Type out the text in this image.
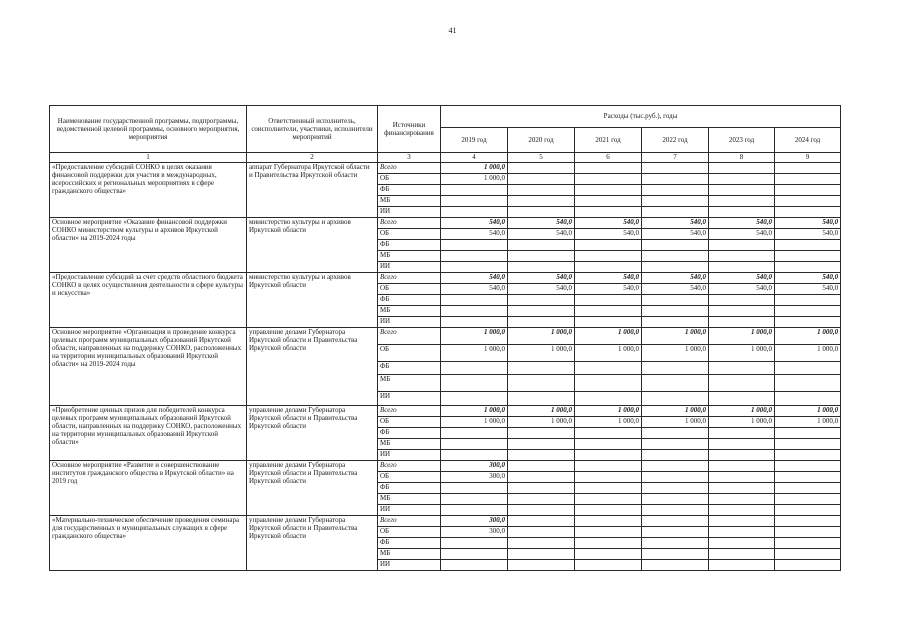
41
Наименование государственной программы, подпрограммы, ведомственной целевой программы, основного мероприятия, мероприятия	Ответственный исполнитель, соисполнители, участники, исполнители мероприятий	Источники финансирования	Расходы (тыс.руб.), годы					
			2019 год	2020 год	2021 год	2022 год	2023 год	2024 год
1	2	3	4	5	6	7	8	9
«Предоставление субсидий СОНКО в целях оказания финансовой поддержки для участия в международных, всероссийских и региональных мероприятиях в сфере гражданского общества»	аппарат Губернатора Иркутской области и Правительства Иркутской области	Всего	1 000,0					
		ОБ	1 000,0					
		ФБ						
		МБ						
		ИИ						
Основное мероприятие «Оказание финансовой поддержки СОНКО министерством культуры и архивов Иркутской области» на 2019-2024 годы	министерство культуры и архивов Иркутской области	Всего	540,0	540,0	540,0	540,0	540,0	540,0
		ОБ	540,0	540,0	540,0	540,0	540,0	540,0
		ФБ						
		МБ						
		ИИ						
«Предоставление субсидий за счет средств областного бюджета СОНКО в целях осуществления деятельности в сфере культуры и искусства»	министерство культуры и архивов Иркутской области	Всего	540,0	540,0	540,0	540,0	540,0	540,0
		ОБ	540,0	540,0	540,0	540,0	540,0	540,0
		ФБ						
		МБ						
		ИИ						
Основное мероприятие «Организация и проведение конкурса целевых программ муниципальных образований Иркутской области, направленных на поддержку СОНКО, расположенных на территории муниципальных образований Иркутской области» на 2019-2024 годы	управление делами Губернатора Иркутской области и Правительства Иркутской области	Всего	1 000,0	1 000,0	1 000,0	1 000,0	1 000,0	1 000,0
		ОБ	1 000,0	1 000,0	1 000,0	1 000,0	1 000,0	1 000,0
		ФБ						
		МБ						
		ИИ						
«Приобретение ценных призов для победителей конкурса целевых программ муниципальных образований Иркутской области, направленных на поддержку СОНКО, расположенных на территории муниципальных образований Иркутской области»	управление делами Губернатора Иркутской области и Правительства Иркутской области	Всего	1 000,0	1 000,0	1 000,0	1 000,0	1 000,0	1 000,0
		ОБ	1 000,0	1 000,0	1 000,0	1 000,0	1 000,0	1 000,0
		ФБ						
		МБ						
		ИИ						
Основное мероприятие «Развитие и совершенствование институтов гражданского общества в Иркутской области» на 2019 год	управление делами Губернатора Иркутской области и Правительства Иркутской области	Всего	300,0					
		ОБ	300,0					
		ФБ						
		МБ						
		ИИ						
«Материально-техническое обеспечение проведения семинара для государственных и муниципальных служащих в сфере гражданского общества»	управление делами Губернатора Иркутской области и Правительства Иркутской области	Всего	300,0					
		ОБ	300,0					
		ФБ						
		МБ						
		ИИ						
